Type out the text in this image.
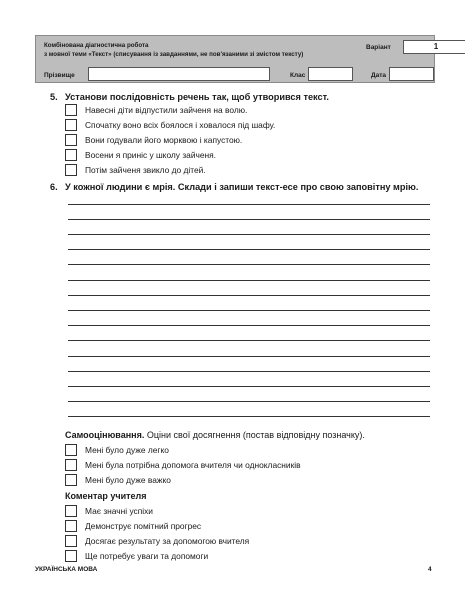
Комбінована діагностична робота
з мовної теми «Текст» (списування із завданнями, не пов'язаними зі змістом тексту)
Варіант	1
Прізвище	Клас	Дата
5. Установи послідовність речень так, щоб утворився текст.
Навесні діти відпустили зайченя на волю.
Спочатку воно всіх боялося і ховалося під шафу.
Вони годували його морквою і капустою.
Восени я приніс у школу зайченя.
Потім зайченя звикло до дітей.
6. У кожної людини є мрія. Склади і запиши текст-есе про свою заповітну мрію.
Самооцінювання. Оціни свої досягнення (постав відповідну позначку).
Мені було дуже легко
Мені була потрібна допомога вчителя чи однокласників
Мені було дуже важко
Коментар учителя
Має значні успіхи
Демонструє помітний прогрес
Досягає результату за допомогою вчителя
Ще потребує уваги та допомоги
УКРАЇНСЬКА МОВА	4
